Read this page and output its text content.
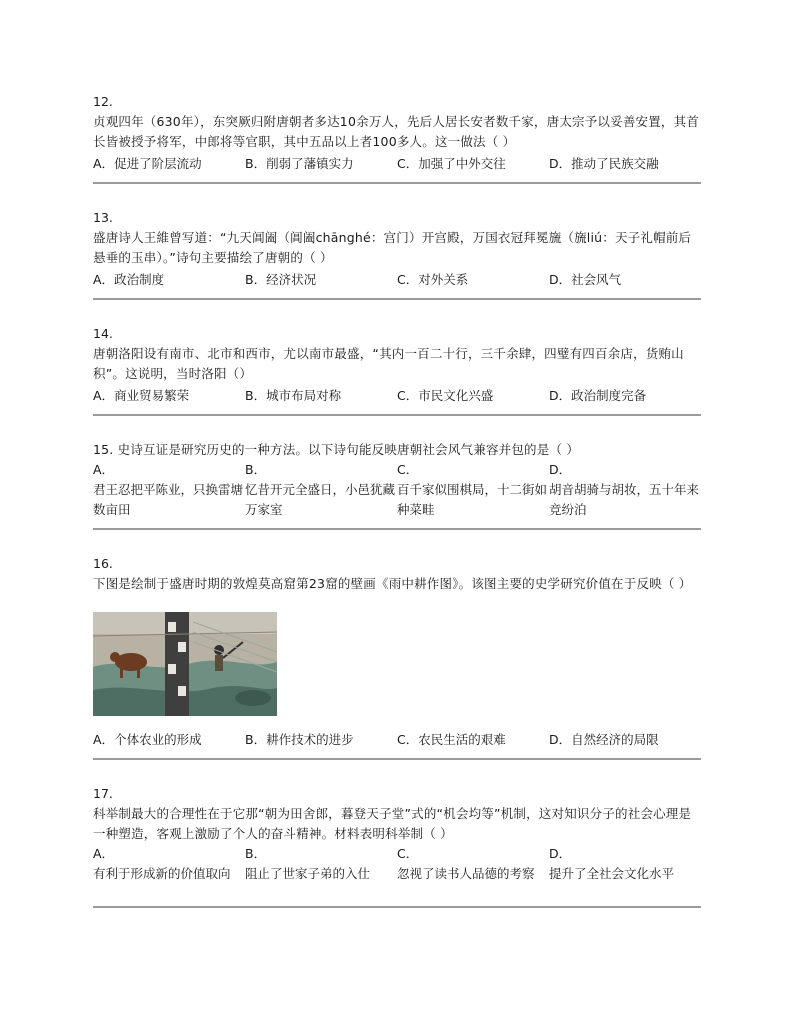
12.
贞观四年（630年），东突厥归附唐朝者多达10余万人，先后人居长安者数千家，唐太宗予以妥善安置，其首长皆被授予将军，中郎将等官职，其中五品以上者100多人。这一做法（ ）
A．促进了阶层流动	B．削弱了藩镇实力	C．加强了中外交往	D．推动了民族交融
13.
盛唐诗人王維曾写道：“九天阊阖（阊阖chānghé：宫门）开宫殿，万国衣冠拜冕旒（旒liú：天子礼帽前后悬垂的玉串）。”诗句主要描绘了唐朝的（ ）
A．政治制度	B．经济状况	C．对外关系	D．社会风气
14.
唐朝洛阳设有南市、北市和西市，尤以南市最盛，“其内一百二十行，三千余肆，四璧有四百余店，货贿山积”。这说明，当时洛阳（）
A．商业贸易繁荣	B．城市布局对称	C．市民文化兴盛	D．政治制度完备
15. 史诗互证是研究历史的一种方法。以下诗句能反映唐朝社会风气兼容并包的是（ ）
A．
君王忍把平陈业，只换雷塘数亩田
B．
忆昔开元全盛日，小邑犹藏万家室
C．
百千家似围棋局，十二街如种菜畦
D．
胡音胡骑与胡妆，五十年来竞纷泊
16.
下图是绘制于盛唐时期的敦煌莫高窟第23窟的壁画《雨中耕作图》。该图主要的史学研究价值在于反映（ ）
A．个体农业的形成	B．耕作技术的进步	C．农民生活的艰难	D．自然经济的局限
17.
科举制最大的合理性在于它那“朝为田舍郎，暮登天子堂”式的“机会均等”机制，这对知识分子的社会心理是一种塑造，客观上激励了个人的奋斗精神。材料表明科举制（ ）
A．
有利于形成新的价值取向
B．
阻止了世家子弟的入仕
C．
忽视了读书人品德的考察
D．
提升了全社会文化水平
